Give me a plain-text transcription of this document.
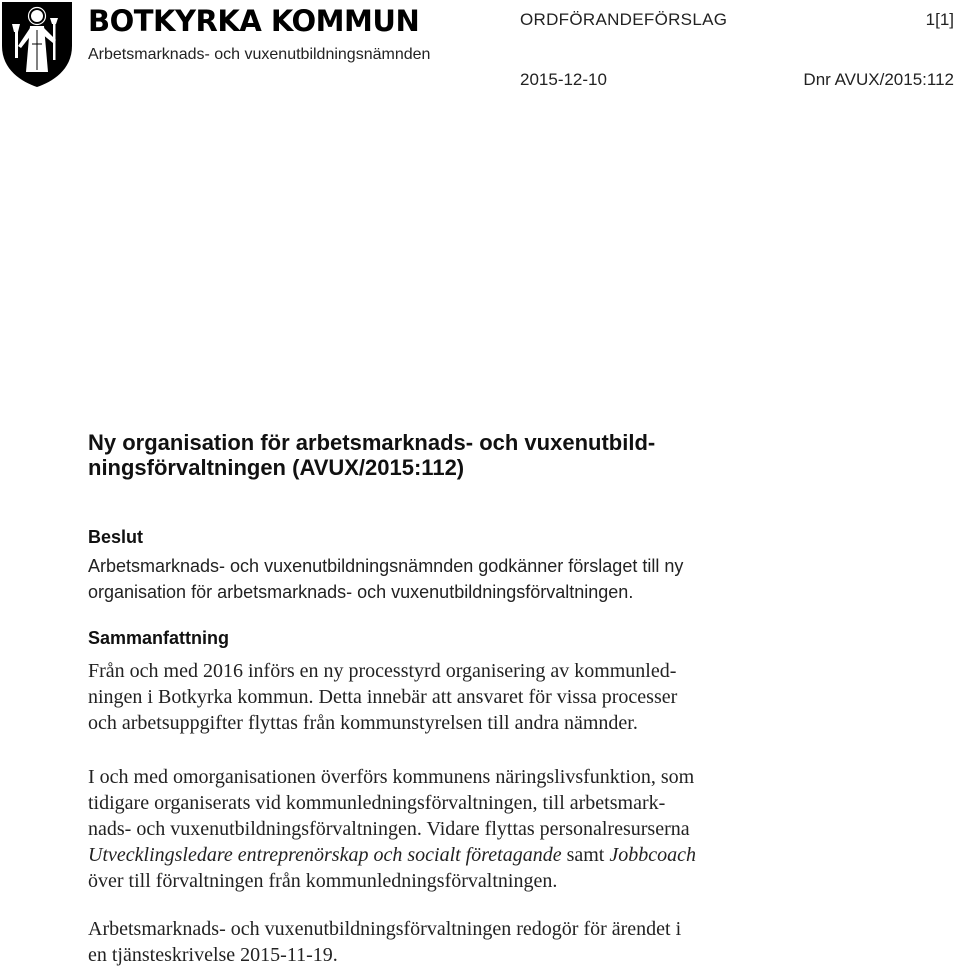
BOTKYRKA KOMMUN
Arbetsmarknads- och vuxenutbildningsnämnden
ORDFÖRANDEFÖRSLAG	1[1]
2015-12-10	Dnr AVUX/2015:112
Ny organisation för arbetsmarknads- och vuxenutbild-
ningsförvaltningen (AVUX/2015:112)
Beslut
Arbetsmarknads- och vuxenutbildningsnämnden godkänner förslaget till ny
organisation för arbetsmarknads- och vuxenutbildningsförvaltningen.
Sammanfattning
Från och med 2016 införs en ny processtyrd organisering av kommunled-
ningen i Botkyrka kommun. Detta innebär att ansvaret för vissa processer
och arbetsuppgifter flyttas från kommunstyrelsen till andra nämnder.
I och med omorganisationen överförs kommunens näringslivsfunktion, som
tidigare organiserats vid kommunledningsförvaltningen, till arbetsmark-
nads- och vuxenutbildningsförvaltningen. Vidare flyttas personalresurserna
Utvecklingsledare entreprenörskap och socialt företagande samt Jobbcoach
över till förvaltningen från kommunledningsförvaltningen.
Arbetsmarknads- och vuxenutbildningsförvaltningen redogör för ärendet i
en tjänsteskrivelse 2015-11-19.
